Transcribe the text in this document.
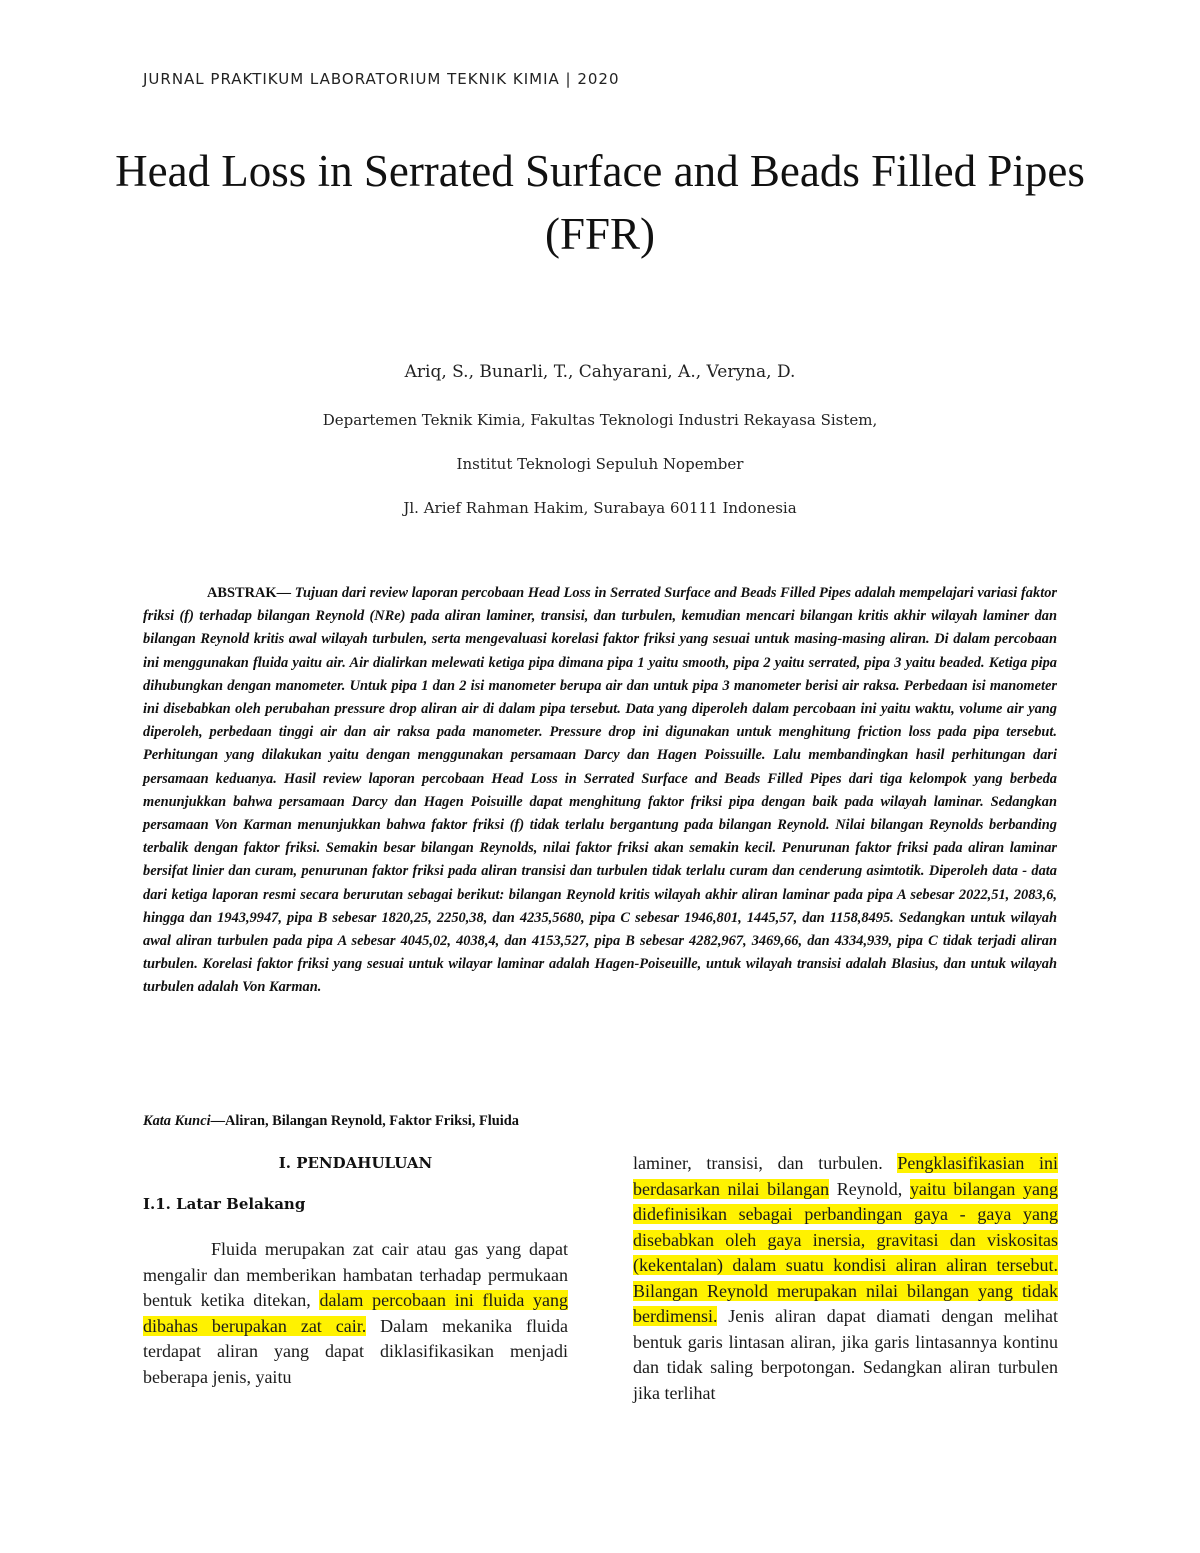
JURNAL PRAKTIKUM LABORATORIUM TEKNIK KIMIA | 2020
Head Loss in Serrated Surface and Beads Filled Pipes (FFR)
Ariq, S., Bunarli, T., Cahyarani, A., Veryna, D.
Departemen Teknik Kimia, Fakultas Teknologi Industri Rekayasa Sistem,
Institut Teknologi Sepuluh Nopember
Jl. Arief Rahman Hakim, Surabaya 60111 Indonesia
ABSTRAK— Tujuan dari review laporan percobaan Head Loss in Serrated Surface and Beads Filled Pipes adalah mempelajari variasi faktor friksi (f) terhadap bilangan Reynold (NRe) pada aliran laminer, transisi, dan turbulen, kemudian mencari bilangan kritis akhir wilayah laminer dan bilangan Reynold kritis awal wilayah turbulen, serta mengevaluasi korelasi faktor friksi yang sesuai untuk masing-masing aliran. Di dalam percobaan ini menggunakan fluida yaitu air. Air dialirkan melewati ketiga pipa dimana pipa 1 yaitu smooth, pipa 2 yaitu serrated, pipa 3 yaitu beaded. Ketiga pipa dihubungkan dengan manometer. Untuk pipa 1 dan 2 isi manometer berupa air dan untuk pipa 3 manometer berisi air raksa. Perbedaan isi manometer ini disebabkan oleh perubahan pressure drop aliran air di dalam pipa tersebut. Data yang diperoleh dalam percobaan ini yaitu waktu, volume air yang diperoleh, perbedaan tinggi air dan air raksa pada manometer. Pressure drop ini digunakan untuk menghitung friction loss pada pipa tersebut. Perhitungan yang dilakukan yaitu dengan menggunakan persamaan Darcy dan Hagen Poissuille. Lalu membandingkan hasil perhitungan dari persamaan keduanya. Hasil review laporan percobaan Head Loss in Serrated Surface and Beads Filled Pipes dari tiga kelompok yang berbeda menunjukkan bahwa persamaan Darcy dan Hagen Poisuille dapat menghitung faktor friksi pipa dengan baik pada wilayah laminar. Sedangkan persamaan Von Karman menunjukkan bahwa faktor friksi (f) tidak terlalu bergantung pada bilangan Reynold. Nilai bilangan Reynolds berbanding terbalik dengan faktor friksi. Semakin besar bilangan Reynolds, nilai faktor friksi akan semakin kecil. Penurunan faktor friksi pada aliran laminar bersifat linier dan curam, penurunan faktor friksi pada aliran transisi dan turbulen tidak terlalu curam dan cenderung asimtotik. Diperoleh data - data dari ketiga laporan resmi secara berurutan sebagai berikut: bilangan Reynold kritis wilayah akhir aliran laminar pada pipa A sebesar 2022,51, 2083,6, hingga dan 1943,9947, pipa B sebesar 1820,25, 2250,38, dan 4235,5680, pipa C sebesar 1946,801, 1445,57, dan 1158,8495. Sedangkan untuk wilayah awal aliran turbulen pada pipa A sebesar 4045,02, 4038,4, dan 4153,527, pipa B sebesar 4282,967, 3469,66, dan 4334,939, pipa C tidak terjadi aliran turbulen. Korelasi faktor friksi yang sesuai untuk wilayar laminar adalah Hagen-Poiseuille, untuk wilayah transisi adalah Blasius, dan untuk wilayah turbulen adalah Von Karman.
Kata Kunci—Aliran, Bilangan Reynold, Faktor Friksi, Fluida
I. PENDAHULUAN
I.1. Latar Belakang
Fluida merupakan zat cair atau gas yang dapat mengalir dan memberikan hambatan terhadap permukaan bentuk ketika ditekan, dalam percobaan ini fluida yang dibahas berupakan zat cair. Dalam mekanika fluida terdapat aliran yang dapat diklasifikasikan menjadi beberapa jenis, yaitu
laminer, transisi, dan turbulen. Pengklasifikasian ini berdasarkan nilai bilangan Reynold, yaitu bilangan yang didefinisikan sebagai perbandingan gaya - gaya yang disebabkan oleh gaya inersia, gravitasi dan viskositas (kekentalan) dalam suatu kondisi aliran aliran tersebut. Bilangan Reynold merupakan nilai bilangan yang tidak berdimensi. Jenis aliran dapat diamati dengan melihat bentuk garis lintasan aliran, jika garis lintasannya kontinu dan tidak saling berpotongan. Sedangkan aliran turbulen jika terlihat
